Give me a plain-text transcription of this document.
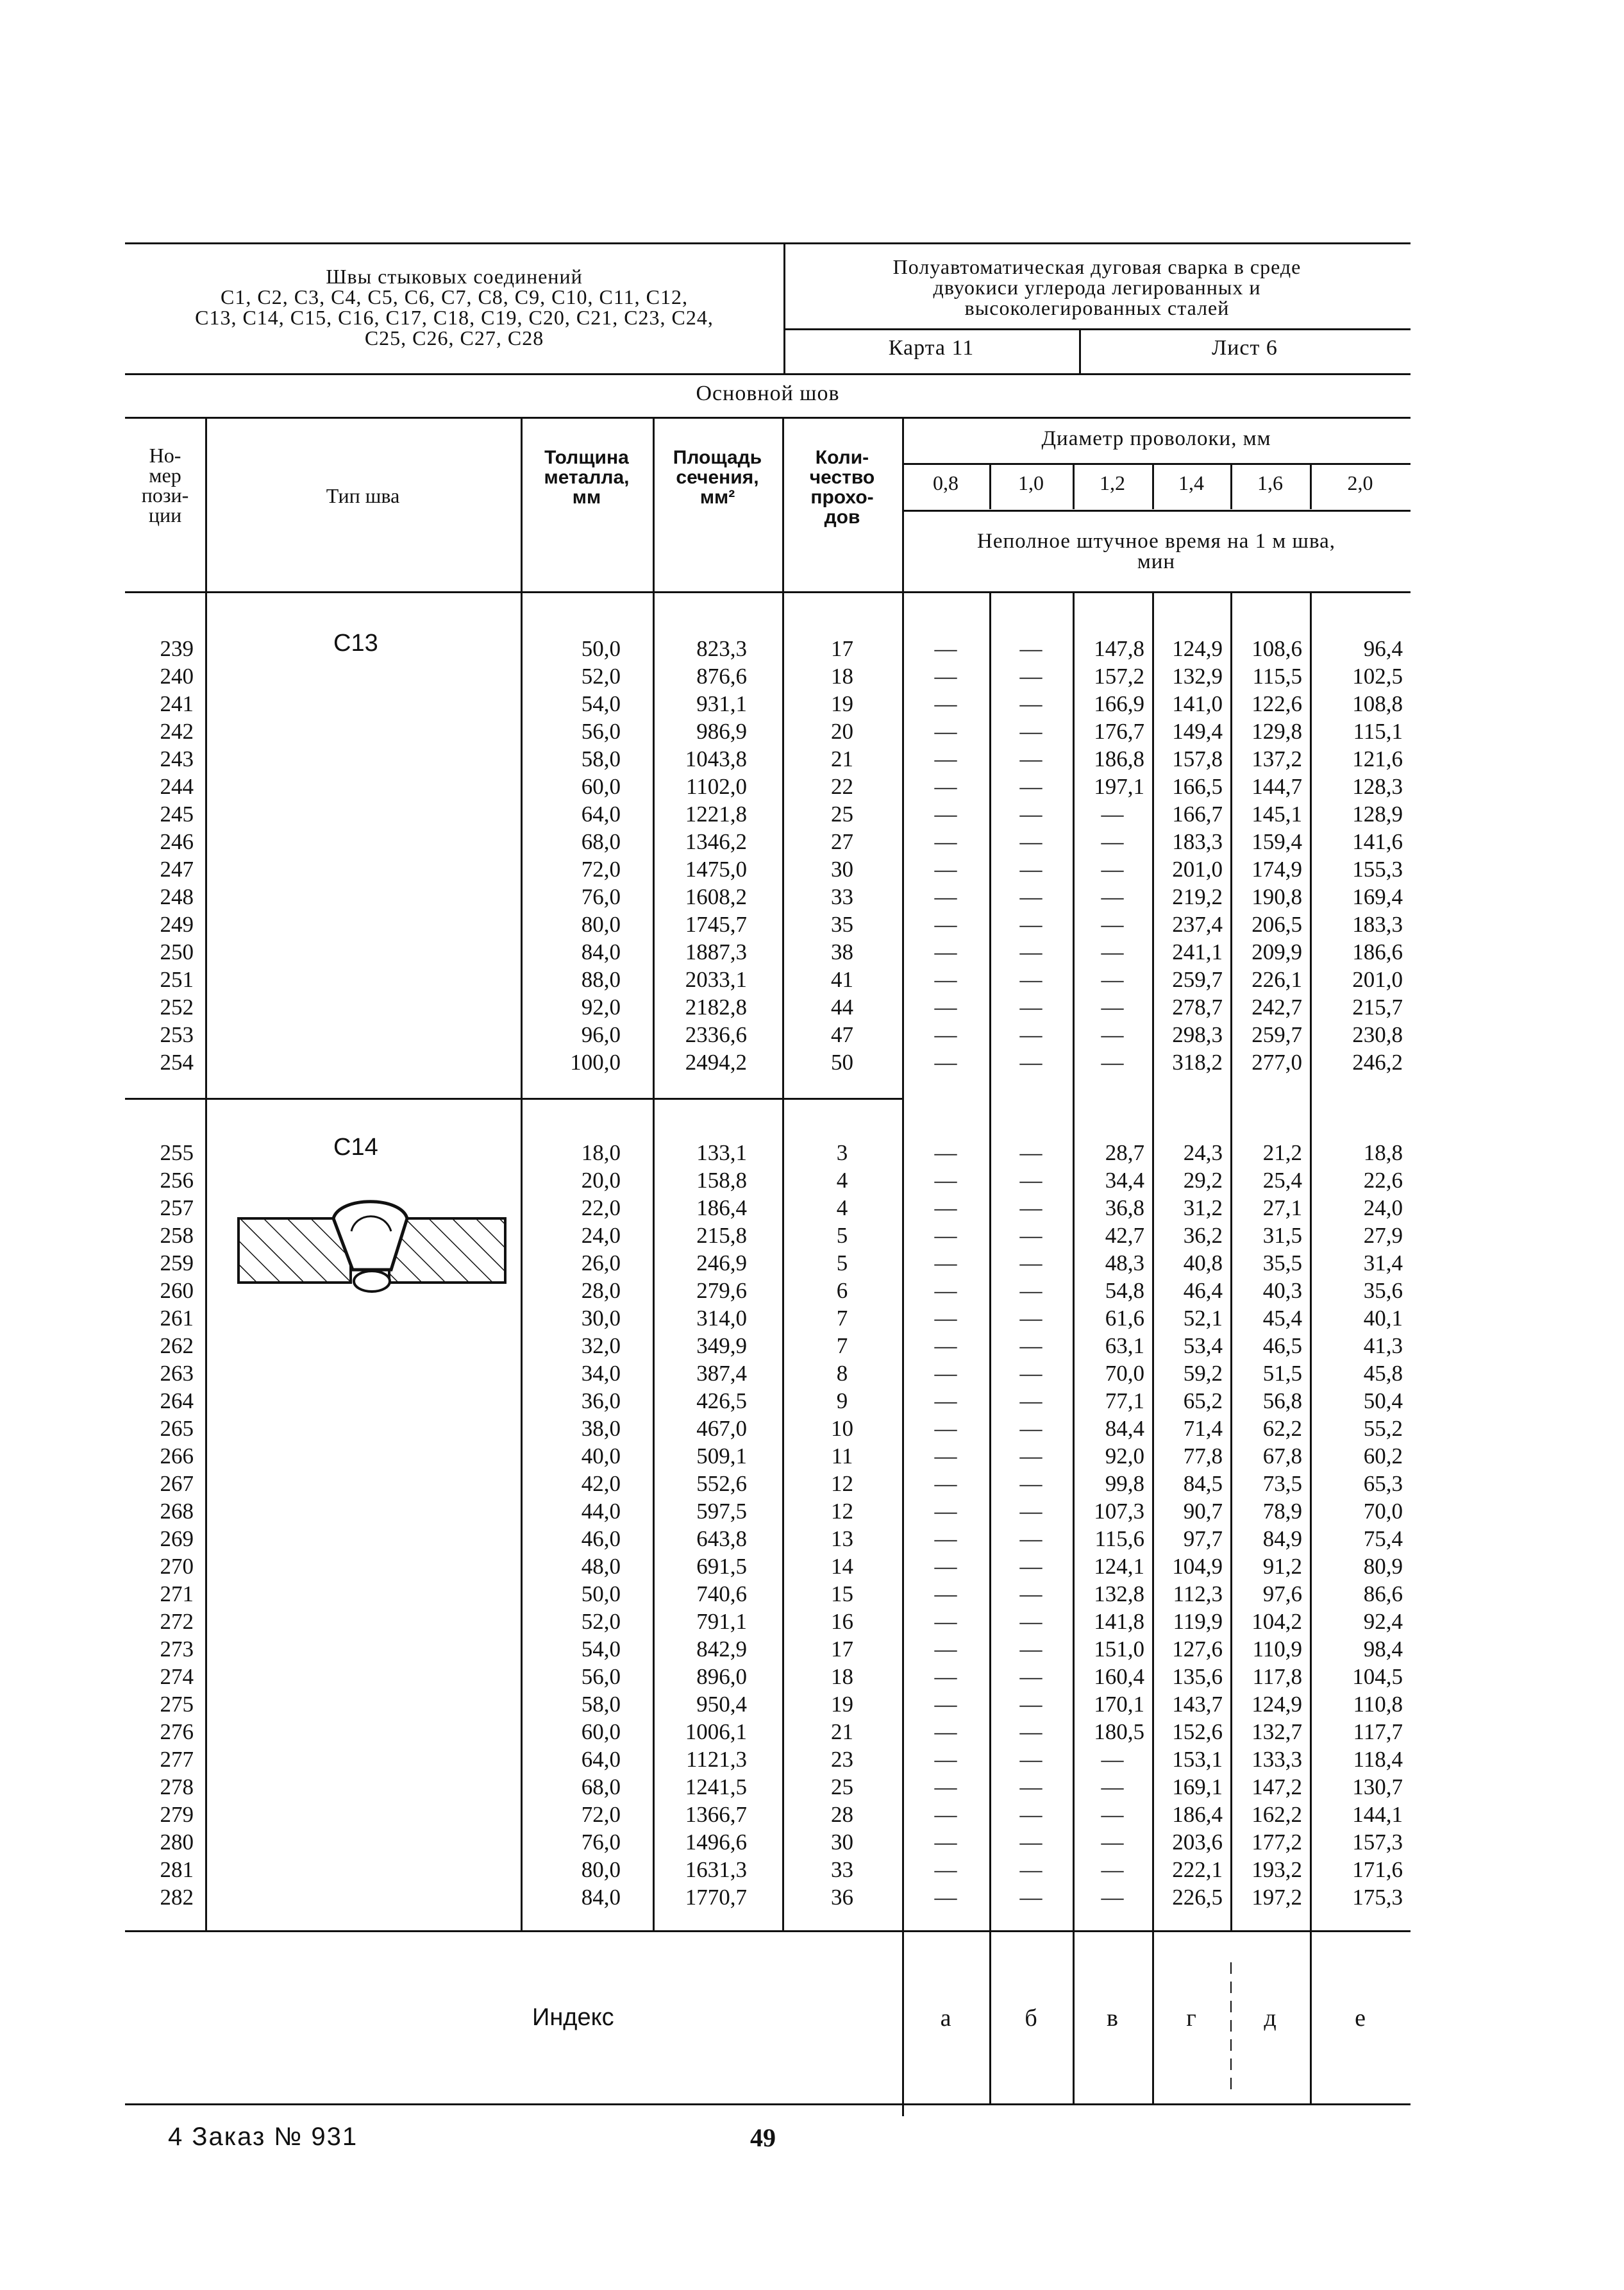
Швы стыковых соединений
C1, C2, C3, C4, C5, C6, C7, C8, C9, C10, C11, C12,
C13, C14, C15, C16, C17, C18, C19, C20, C21, C23, C24,
C25, C26, C27, C28
Полуавтоматическая дуговая сварка в среде
двуокиси углерода легированных и
высоколегированных сталей
Карта 11	Лист 6
Основной шов
Но-
мер
пози-
ции
Тип шва
Толщина
металла,
мм
Площадь
сечения,
мм²
Коли-
чество
прохо-
дов
Диаметр проволоки, мм
0,8	1,0	1,2	1,4	1,6	2,0
Неполное штучное время на 1 м шва,
мин
C13
C14
239	50,0	823,3	17	—	—	147,8	124,9	108,6	96,4
240	52,0	876,6	18	—	—	157,2	132,9	115,5	102,5
241	54,0	931,1	19	—	—	166,9	141,0	122,6	108,8
242	56,0	986,9	20	—	—	176,7	149,4	129,8	115,1
243	58,0	1043,8	21	—	—	186,8	157,8	137,2	121,6
244	60,0	1102,0	22	—	—	197,1	166,5	144,7	128,3
245	64,0	1221,8	25	—	—	—	166,7	145,1	128,9
246	68,0	1346,2	27	—	—	—	183,3	159,4	141,6
247	72,0	1475,0	30	—	—	—	201,0	174,9	155,3
248	76,0	1608,2	33	—	—	—	219,2	190,8	169,4
249	80,0	1745,7	35	—	—	—	237,4	206,5	183,3
250	84,0	1887,3	38	—	—	—	241,1	209,9	186,6
251	88,0	2033,1	41	—	—	—	259,7	226,1	201,0
252	92,0	2182,8	44	—	—	—	278,7	242,7	215,7
253	96,0	2336,6	47	—	—	—	298,3	259,7	230,8
254	100,0	2494,2	50	—	—	—	318,2	277,0	246,2
255	18,0	133,1	3	—	—	28,7	24,3	21,2	18,8
256	20,0	158,8	4	—	—	34,4	29,2	25,4	22,6
257	22,0	186,4	4	—	—	36,8	31,2	27,1	24,0
258	24,0	215,8	5	—	—	42,7	36,2	31,5	27,9
259	26,0	246,9	5	—	—	48,3	40,8	35,5	31,4
260	28,0	279,6	6	—	—	54,8	46,4	40,3	35,6
261	30,0	314,0	7	—	—	61,6	52,1	45,4	40,1
262	32,0	349,9	7	—	—	63,1	53,4	46,5	41,3
263	34,0	387,4	8	—	—	70,0	59,2	51,5	45,8
264	36,0	426,5	9	—	—	77,1	65,2	56,8	50,4
265	38,0	467,0	10	—	—	84,4	71,4	62,2	55,2
266	40,0	509,1	11	—	—	92,0	77,8	67,8	60,2
267	42,0	552,6	12	—	—	99,8	84,5	73,5	65,3
268	44,0	597,5	12	—	—	107,3	90,7	78,9	70,0
269	46,0	643,8	13	—	—	115,6	97,7	84,9	75,4
270	48,0	691,5	14	—	—	124,1	104,9	91,2	80,9
271	50,0	740,6	15	—	—	132,8	112,3	97,6	86,6
272	52,0	791,1	16	—	—	141,8	119,9	104,2	92,4
273	54,0	842,9	17	—	—	151,0	127,6	110,9	98,4
274	56,0	896,0	18	—	—	160,4	135,6	117,8	104,5
275	58,0	950,4	19	—	—	170,1	143,7	124,9	110,8
276	60,0	1006,1	21	—	—	180,5	152,6	132,7	117,7
277	64,0	1121,3	23	—	—	—	153,1	133,3	118,4
278	68,0	1241,5	25	—	—	—	169,1	147,2	130,7
279	72,0	1366,7	28	—	—	—	186,4	162,2	144,1
280	76,0	1496,6	30	—	—	—	203,6	177,2	157,3
281	80,0	1631,3	33	—	—	—	222,1	193,2	171,6
282	84,0	1770,7	36	—	—	—	226,5	197,2	175,3
Индекс	а	б	в	г	д	е
4 Заказ № 931	49
